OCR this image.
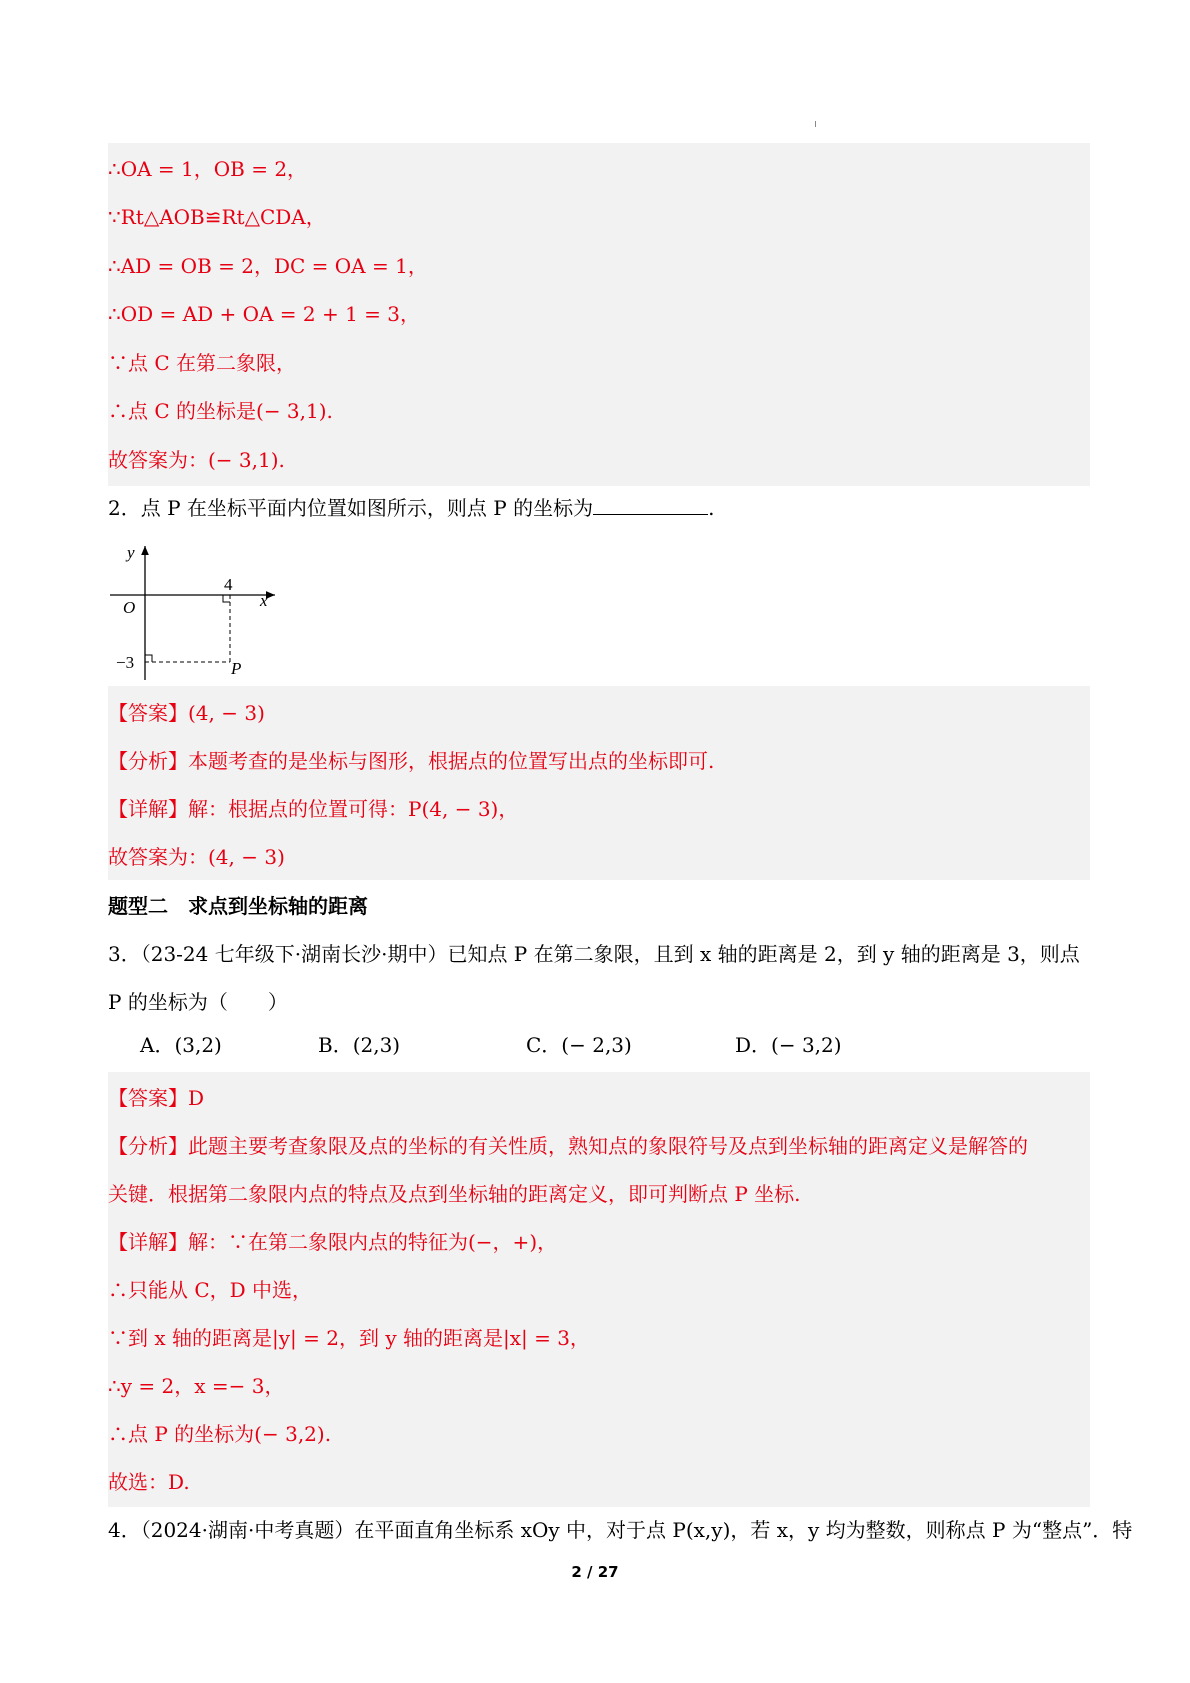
∴OA = 1，OB = 2，
∵Rt△AOB≌Rt△CDA，
∴AD = OB = 2，DC = OA = 1，
∴OD = AD + OA = 2 + 1 = 3，
∵点 C 在第二象限，
∴点 C 的坐标是(− 3,1).
故答案为：(− 3,1).
2．点 P 在坐标平面内位置如图所示，则点 P 的坐标为	.
y
x
O
4
−3	P
【答案】(4, − 3)
【分析】本题考查的是坐标与图形，根据点的位置写出点的坐标即可.
【详解】解：根据点的位置可得：P(4, − 3)，
故答案为：(4, − 3)
题型二　求点到坐标轴的距离
3．（23-24 七年级下·湖南长沙·期中）已知点 P 在第二象限，且到 x 轴的距离是 2，到 y 轴的距离是 3，则点
P 的坐标为（　　）
A．(3,2)	B．(2,3)	C．(− 2,3)	D．(− 3,2)
【答案】D
【分析】此题主要考查象限及点的坐标的有关性质，熟知点的象限符号及点到坐标轴的距离定义是解答的
关键．根据第二象限内点的特点及点到坐标轴的距离定义，即可判断点 P 坐标.
【详解】解：∵在第二象限内点的特征为(−，+)，
∴只能从 C，D 中选，
∵到 x 轴的距离是|y| = 2，到 y 轴的距离是|x| = 3，
∴y = 2，x =− 3，
∴点 P 的坐标为(− 3,2).
故选：D.
4．（2024·湖南·中考真题）在平面直角坐标系 xOy 中，对于点 P(x,y)，若 x，y 均为整数，则称点 P 为“整点”．特
2 / 27
